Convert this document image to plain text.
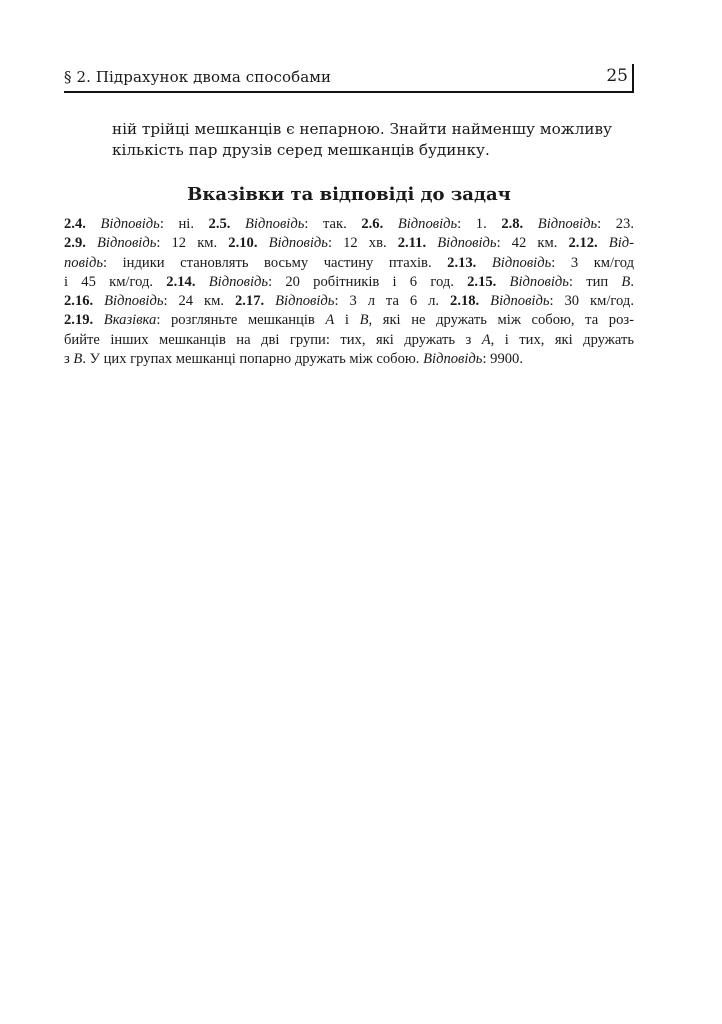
§ 2. Підрахунок двома способами	25

ній трійці мешканців є непарною. Знайти найменшу можливу

кількість пар друзів серед мешканців будинку.

Вказівки та відповіді до задач
2.4. Відповідь: ні. 2.5. Відповідь: так. 2.6. Відповідь: 1. 2.8. Відповідь: 23.
2.9. Відповідь: 12 км. 2.10. Відповідь: 12 хв. 2.11. Відповідь: 42 км. 2.12. Від-
повідь: індики становлять восьму частину птахів. 2.13. Відповідь: 3 км/год
і 45 км/год. 2.14. Відповідь: 20 робітників і 6 год. 2.15. Відповідь: тип B.
2.16. Відповідь: 24 км. 2.17. Відповідь: 3 л та 6 л. 2.18. Відповідь: 30 км/год.
2.19. Вказівка: розгляньте мешканців A і B, які не дружать між собою, та роз-
бийте інших мешканців на дві групи: тих, які дружать з A, і тих, які дружать
з B. У цих групах мешканці попарно дружать між собою. Відповідь: 9900.
